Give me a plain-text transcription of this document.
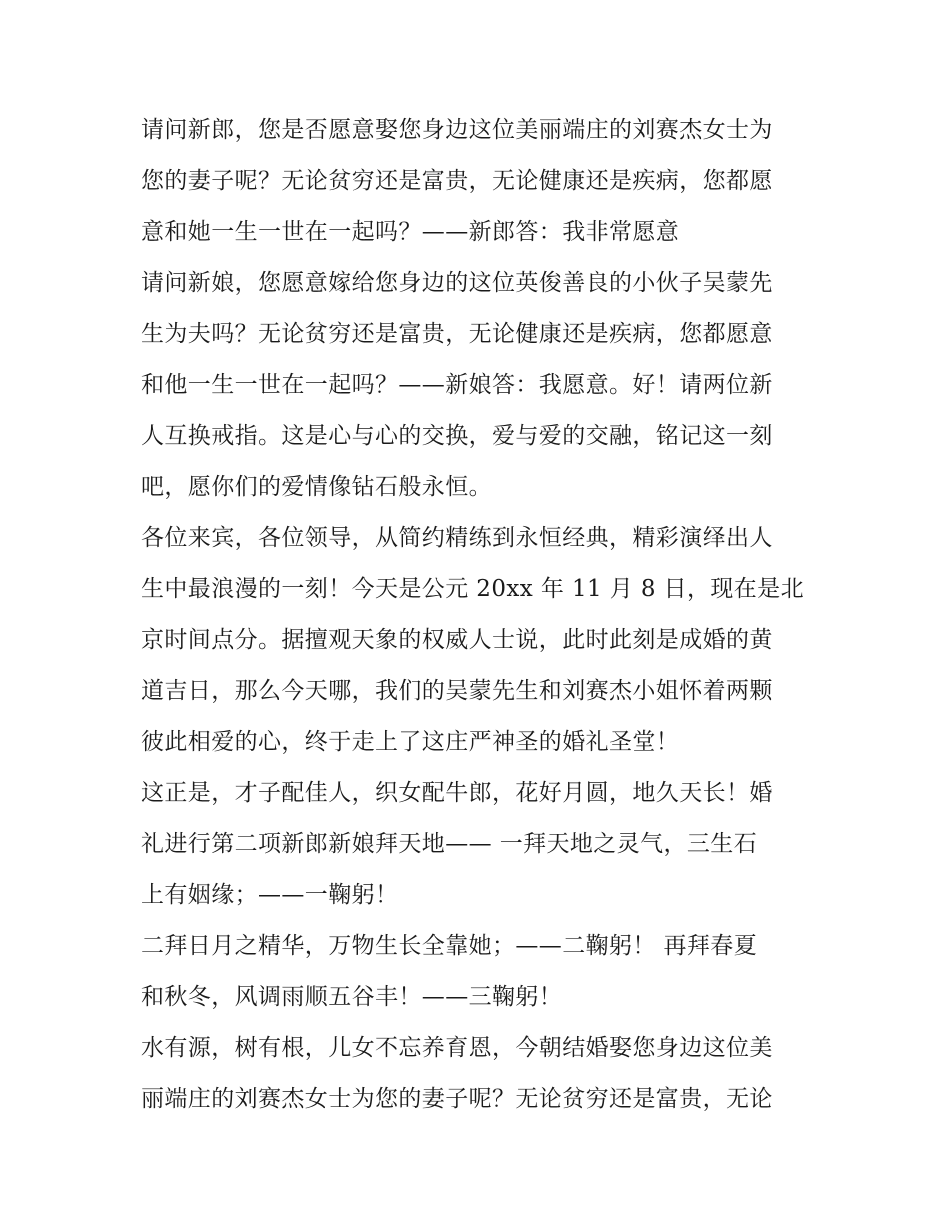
请问新郎，您是否愿意娶您身边这位美丽端庄的刘赛杰女士为
您的妻子呢？无论贫穷还是富贵，无论健康还是疾病，您都愿
意和她一生一世在一起吗？——新郎答：我非常愿意
请问新娘，您愿意嫁给您身边的这位英俊善良的小伙子吴蒙先
生为夫吗？无论贫穷还是富贵，无论健康还是疾病，您都愿意
和他一生一世在一起吗？——新娘答：我愿意。好！请两位新
人互换戒指。这是心与心的交换，爱与爱的交融，铭记这一刻
吧，愿你们的爱情像钻石般永恒。
各位来宾，各位领导，从简约精练到永恒经典，精彩演绎出人
生中最浪漫的一刻！今天是公元 20xx 年 11 月 8 日，现在是北
京时间点分。据擅观天象的权威人士说，此时此刻是成婚的黄
道吉日，那么今天哪，我们的吴蒙先生和刘赛杰小姐怀着两颗
彼此相爱的心，终于走上了这庄严神圣的婚礼圣堂！
这正是，才子配佳人，织女配牛郎，花好月圆，地久天长！婚
礼进行第二项新郎新娘拜天地—— 一拜天地之灵气，三生石
上有姻缘；——一鞠躬！
二拜日月之精华，万物生长全靠她；——二鞠躬！ 再拜春夏
和秋冬，风调雨顺五谷丰！——三鞠躬！
水有源，树有根，儿女不忘养育恩，今朝结婚娶您身边这位美
丽端庄的刘赛杰女士为您的妻子呢？无论贫穷还是富贵，无论
